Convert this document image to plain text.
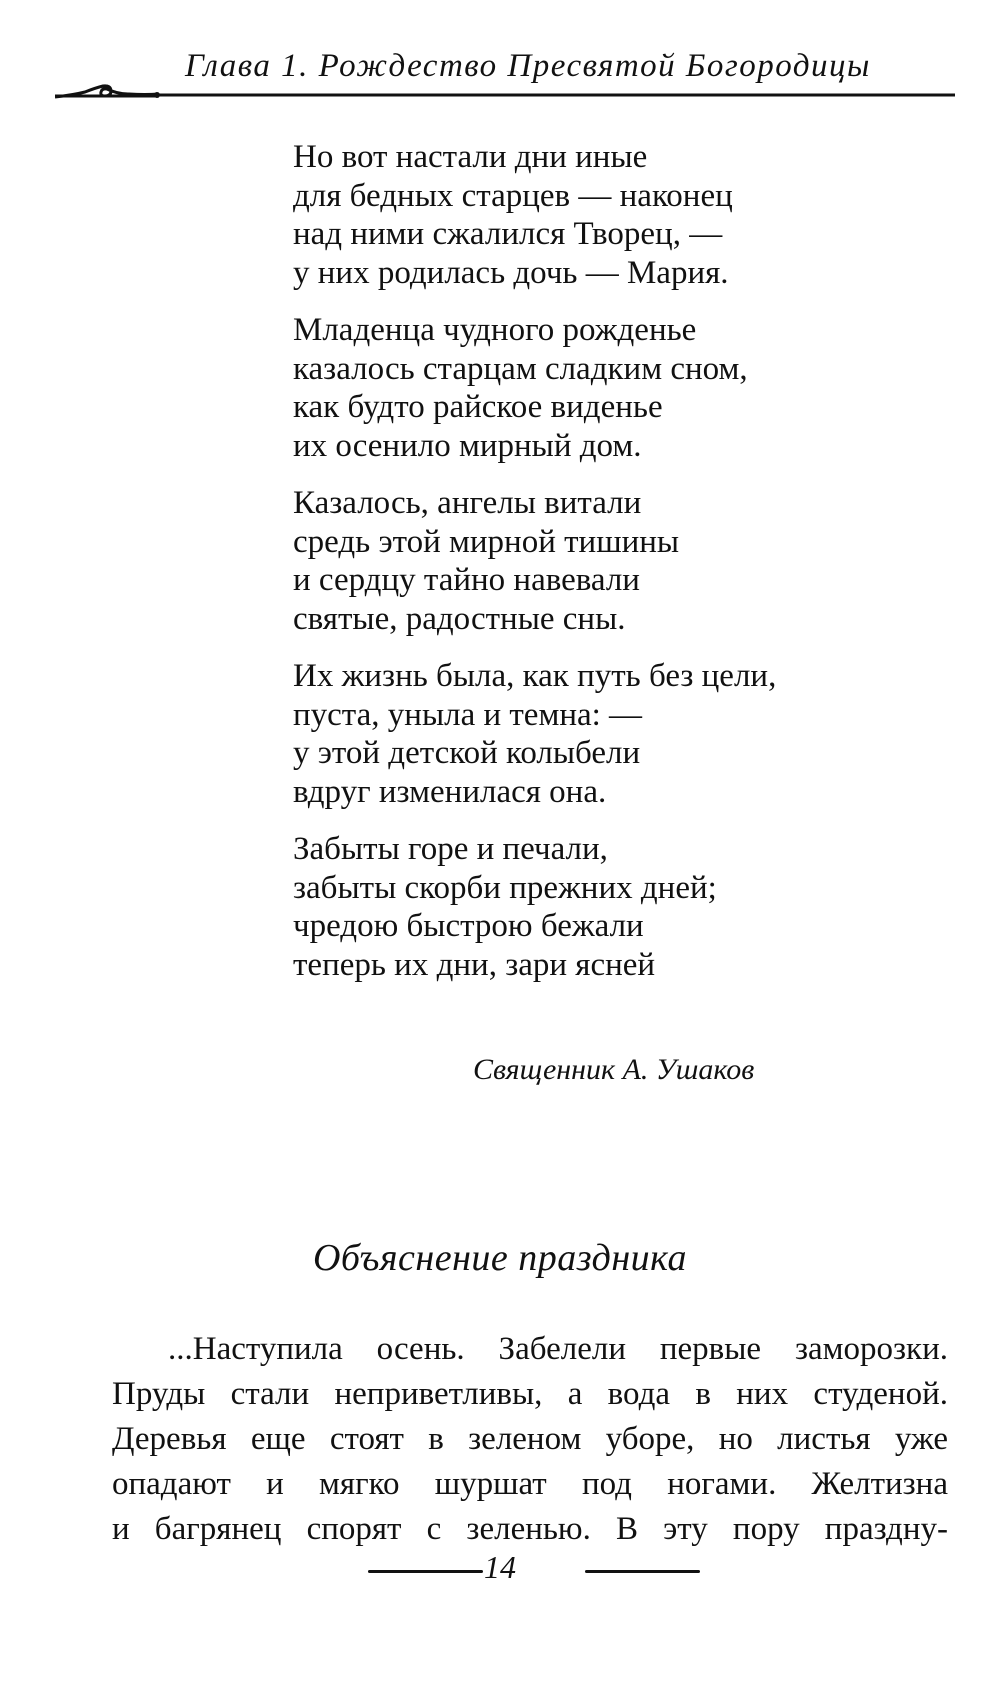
Глава 1. Рождество Пресвятой Богородицы
Но вот настали дни иные
для бедных старцев — наконец
над ними сжалился Творец, —
у них родилась дочь — Мария.
Младенца чудного рожденье
казалось старцам сладким сном,
как будто райское виденье
их осенило мирный дом.
Казалось, ангелы витали
средь этой мирной тишины
и сердцу тайно навевали
святые, радостные сны.
Их жизнь была, как путь без цели,
пуста, уныла и темна: —
у этой детской колыбели
вдруг изменилася она.
Забыты горе и печали,
забыты скорби прежних дней;
чредою быстрою бежали
теперь их дни, зари ясней
Священник А. Ушаков
Объяснение праздника
...Наступила осень. Забелели первые заморозки.
Пруды стали неприветливы, а вода в них студеной.
Деревья еще стоят в зеленом уборе, но листья уже
опадают и мягко шуршат под ногами. Желтизна
и багрянец спорят с зеленью. В эту пору праздну-
14
